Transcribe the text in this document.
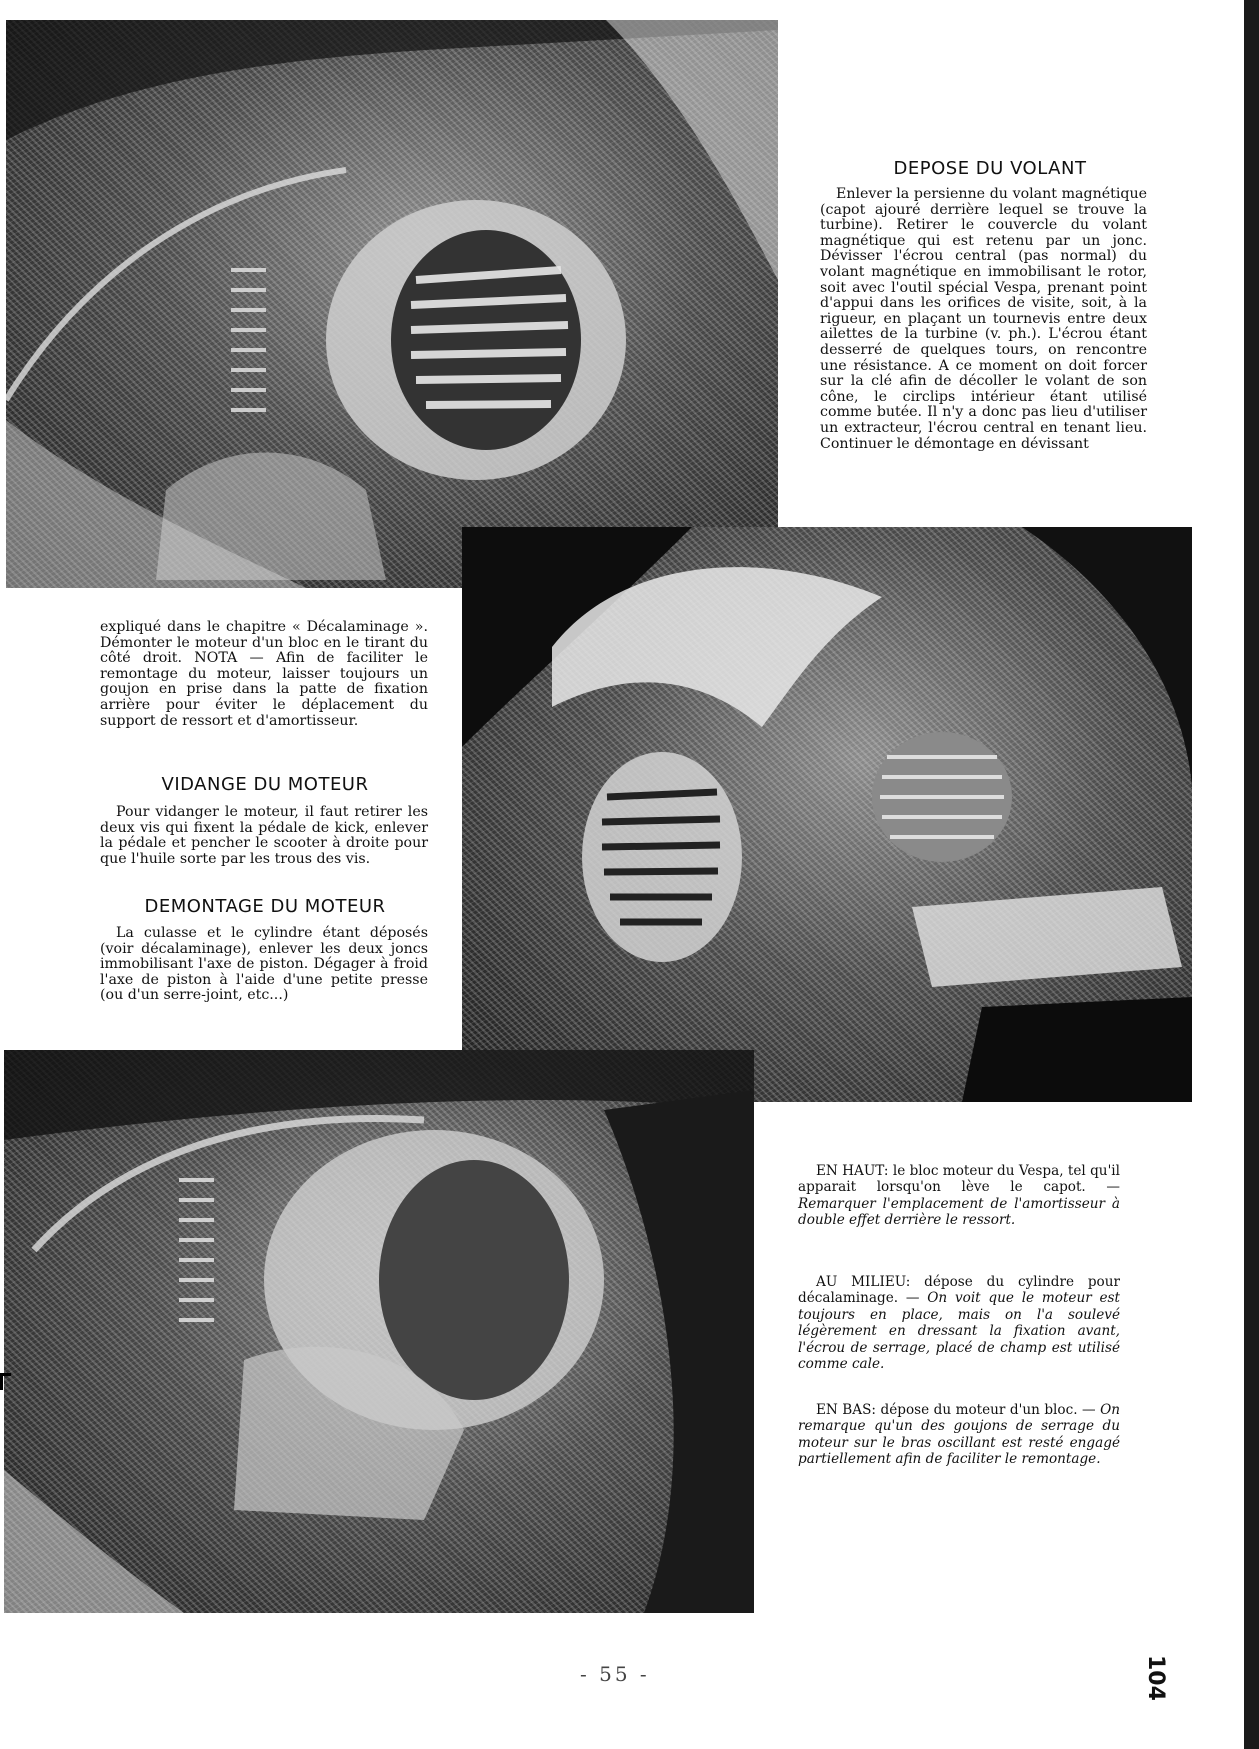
DEPOSE DU VOLANT

Enlever la persienne du volant magnétique (capot ajouré derrière lequel se trouve la turbine). Retirer le couvercle du volant magnétique qui est retenu par un jonc. Dévisser l'écrou central (pas normal) du volant magnétique en immobilisant le rotor, soit avec l'outil spécial Vespa, prenant point d'appui dans les orifices de visite, soit, à la rigueur, en plaçant un tournevis entre deux ailettes de la turbine (v. ph.). L'écrou étant desserré de quelques tours, on rencontre une résistance. A ce moment on doit forcer sur la clé afin de décoller le volant de son cône, le circlips intérieur étant utilisé comme butée. Il n'y a donc pas lieu d'utiliser un extracteur, l'écrou central en tenant lieu. Continuer le démontage en dévissant

expliqué dans le chapitre « Décalaminage ». Démonter le moteur d'un bloc en le tirant du côté droit. NOTA — Afin de faciliter le remontage du moteur, laisser toujours un goujon en prise dans la patte de fixation arrière pour éviter le déplacement du support de ressort et d'amortisseur.

VIDANGE DU MOTEUR

Pour vidanger le moteur, il faut retirer les deux vis qui fixent la pédale de kick, enlever la pédale et pencher le scooter à droite pour que l'huile sorte par les trous des vis.

DEMONTAGE DU MOTEUR

La culasse et le cylindre étant déposés (voir décalaminage), enlever les deux joncs immobilisant l'axe de piston. Dégager à froid l'axe de piston à l'aide d'une petite presse (ou d'un serre-joint, etc...)

EN HAUT: le bloc moteur du Vespa, tel qu'il apparait lorsqu'on lève le capot. — Remarquer l'emplacement de l'amortisseur à double effet derrière le ressort.

AU MILIEU: dépose du cylindre pour décalaminage. — On voit que le moteur est toujours en place, mais on l'a soulevé légèrement en dressant la fixation avant, l'écrou de serrage, placé de champ est utilisé comme cale.

EN BAS: dépose du moteur d'un bloc. — On remarque qu'un des goujons de serrage du moteur sur le bras oscillant est resté engagé partiellement afin de faciliter le remontage.

- 55 -	104
